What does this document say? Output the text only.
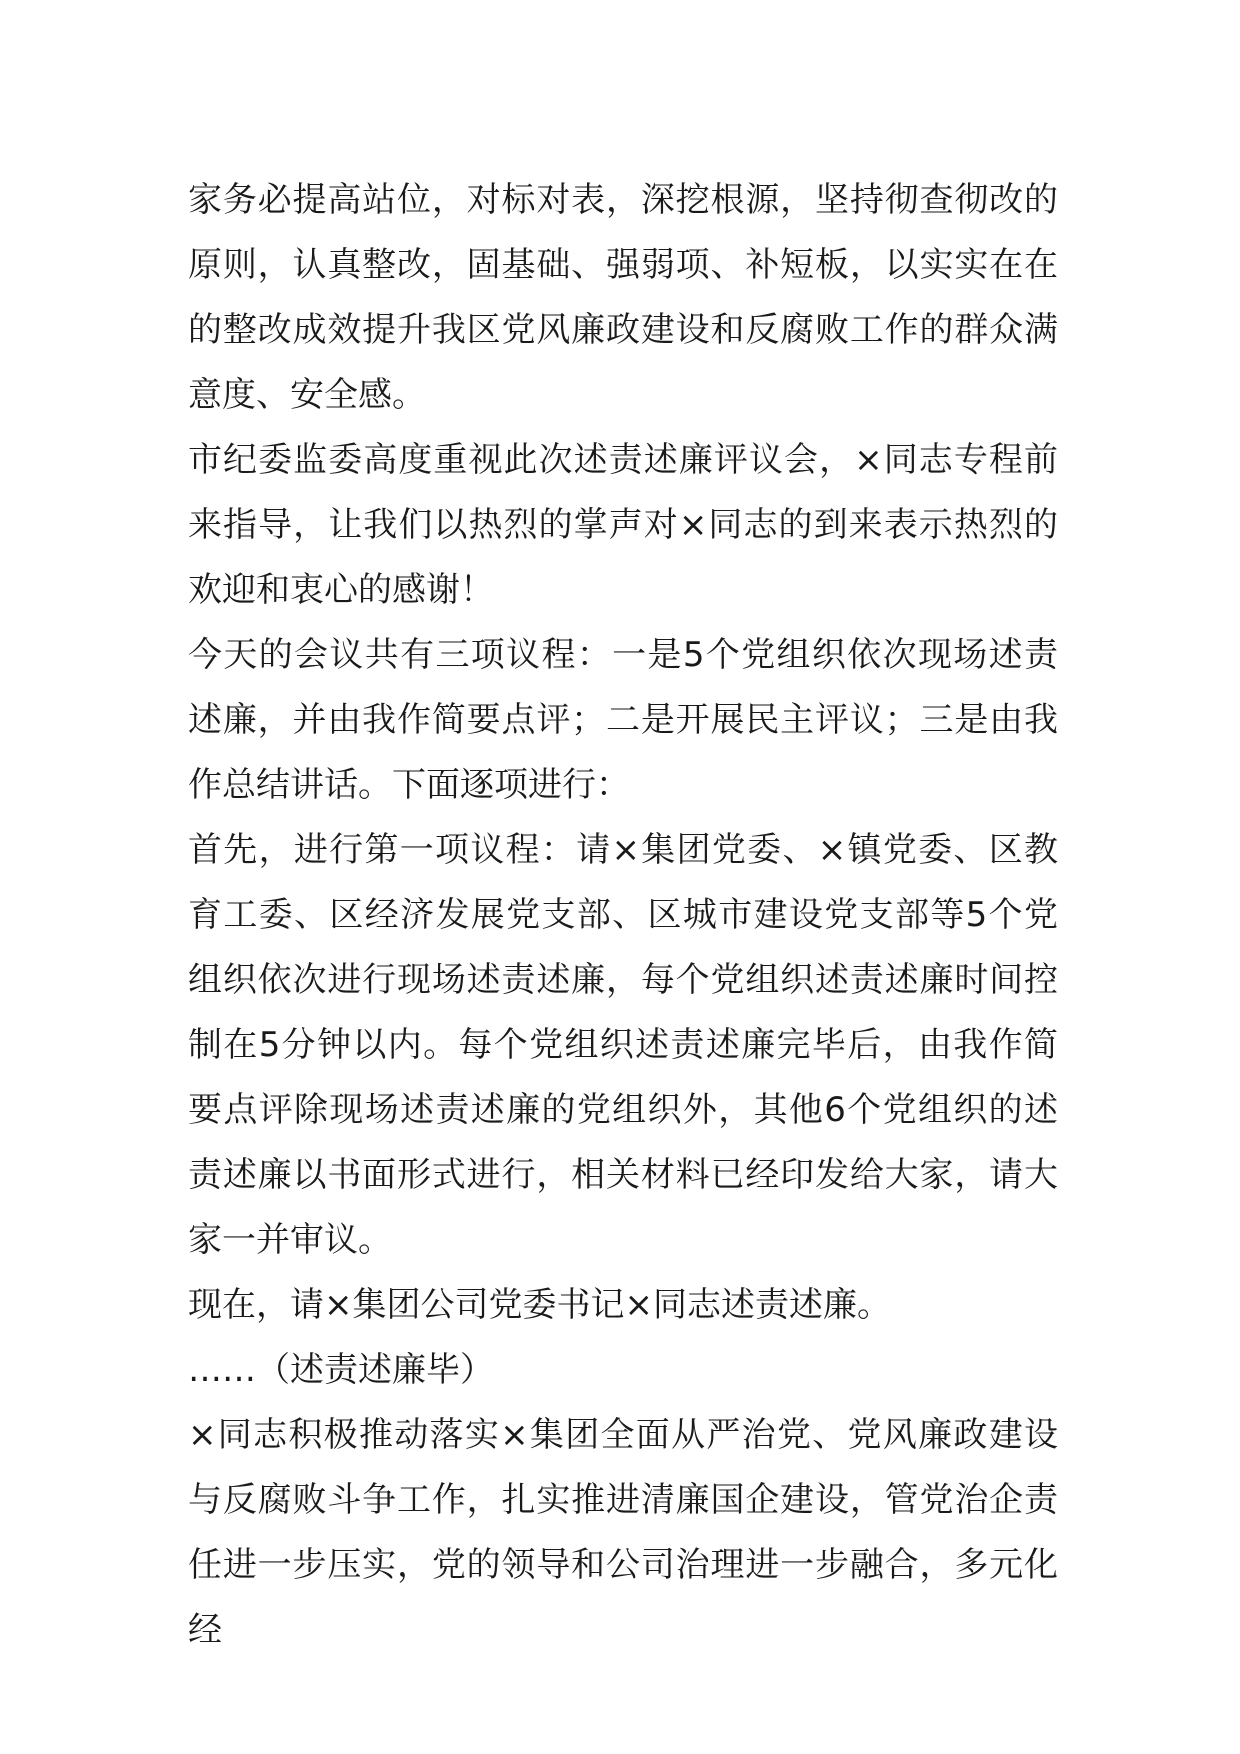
家务必提高站位，对标对表，深挖根源，坚持彻查彻改的原则，认真整改，固基础、强弱项、补短板，以实实在在的整改成效提升我区党风廉政建设和反腐败工作的群众满意度、安全感。

市纪委监委高度重视此次述责述廉评议会，×同志专程前来指导，让我们以热烈的掌声对×同志的到来表示热烈的欢迎和衷心的感谢！

今天的会议共有三项议程：一是5个党组织依次现场述责述廉，并由我作简要点评；二是开展民主评议；三是由我作总结讲话。下面逐项进行：

首先，进行第一项议程：请×集团党委、×镇党委、区教育工委、区经济发展党支部、区城市建设党支部等5个党组织依次进行现场述责述廉，每个党组织述责述廉时间控制在5分钟以内。每个党组织述责述廉完毕后，由我作简要点评除现场述责述廉的党组织外，其他6个党组织的述责述廉以书面形式进行，相关材料已经印发给大家，请大家一并审议。

现在，请×集团公司党委书记×同志述责述廉。

……（述责述廉毕）

×同志积极推动落实×集团全面从严治党、党风廉政建设与反腐败斗争工作，扎实推进清廉国企建设，管党治企责任进一步压实，党的领导和公司治理进一步融合，多元化经
